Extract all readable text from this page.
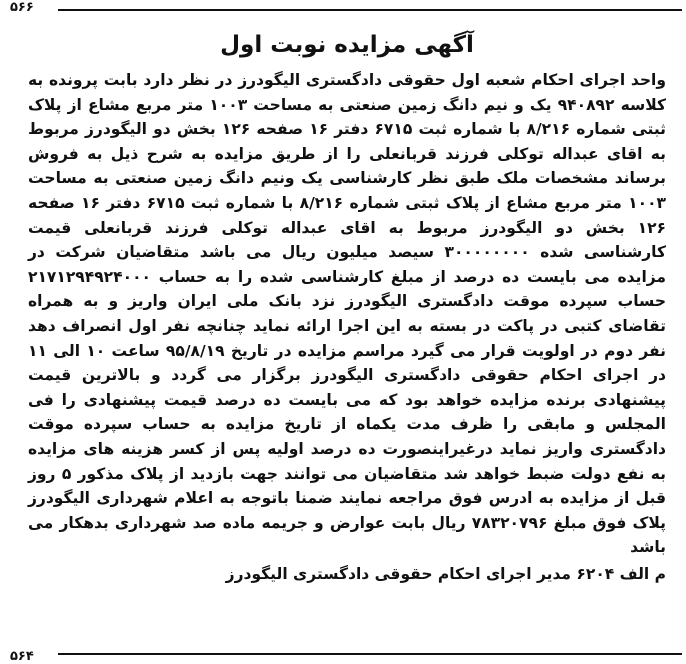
۵۶۶
آگهی مزایده نوبت اول

واحد اجرای احکام شعبه اول حقوقی دادگستری الیگودرز در نظر دارد بابت پرونده به کلاسه ۹۴۰۸۹۲ یک و نیم دانگ زمین صنعتی به مساحت ۱۰۰۳ متر مربع مشاع از پلاک ثبتی شماره ۸/۲۱۶ با شماره ثبت ۶۷۱۵ دفتر ۱۶ صفحه ۱۲۶ بخش دو الیگودرز مربوط به اقای عبداله توکلی فرزند قربانعلی را از طریق مزایده به شرح ذیل به فروش برساند مشخصات ملک طبق نظر کارشناسی یک ونیم دانگ زمین صنعتی به مساحت ۱۰۰۳ متر مربع مشاع از پلاک ثبتی شماره ۸/۲۱۶ با شماره ثبت ۶۷۱۵ دفتر ۱۶ صفحه ۱۲۶ بخش دو الیگودرز مربوط به اقای عبداله توکلی فرزند قربانعلی قیمت کارشناسی شده ۳۰۰۰۰۰۰۰۰ سیصد میلیون ریال می باشد متقاضیان شرکت در مزایده می بایست ده درصد از مبلغ کارشناسی شده را به حساب ۲۱۷۱۲۹۴۹۲۴۰۰۰ حساب سپرده موقت دادگستری الیگودرز نزد بانک ملی ایران واریز و به همراه تقاضای کتبی در پاکت در بسته به این اجرا ارائه نماید چنانچه نفر اول انصراف دهد نفر دوم در اولویت قرار می گیرد مراسم مزایده در تاریخ ۹۵/۸/۱۹ ساعت ۱۰ الی ۱۱ در اجرای احکام حقوقی دادگستری الیگودرز برگزار می گردد و بالاترین قیمت پیشنهادی برنده مزایده خواهد بود که می بایست ده درصد قیمت پیشنهادی را فی المجلس و مابقی را ظرف مدت یکماه از تاریخ مزایده به حساب سپرده موقت دادگستری واریز نماید درغیراینصورت ده درصد اولیه پس از کسر هزینه های مزایده به نفع دولت ضبط خواهد شد متقاضیان می توانند جهت بازدید از پلاک مذکور ۵ روز قبل از مزایده به ادرس فوق مراجعه نمایند ضمنا باتوجه به اعلام شهرداری الیگودرز پلاک فوق مبلغ ۷۸۳۲۰۷۹۶ ریال بابت عوارض و جریمه ماده صد شهرداری بدهکار می باشد

م الف ۶۲۰۴ مدیر اجرای احکام حقوقی دادگستری الیگودرز
۵۶۴
